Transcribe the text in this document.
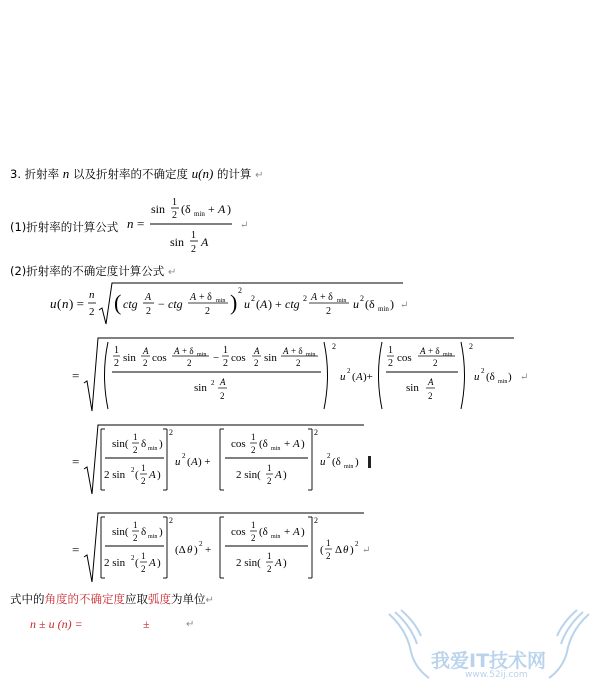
3. 折射率 n 以及折射率的不确定度 u(n) 的计算 ↵
(1)折射率的计算公式 n =
sin 1
2 (δ min + A )
sin 1
2
A
↵
(2)折射率的不确定度计算公式 ↵
u ( n ) =
n
2 ( ctg A
2
− ctg A + δ min
2 ) 2
u 2 ( A ) + ctg 2 A + δ min
2
u 2 (δ min ) ↵
=
1
2 sin
A
2 cos
A + δ min
2 −
1
2 cos
A
2 sin
A + δ min
2
sin 2 A
2
2
u 2 ( A )+
1
2 cos
A + δ min
2
sin A
2
2
u 2 (δ min ) ↵
=
sin(
1
2 δ min )
2 sin 2 (
1
2 A )
2
u 2 ( A ) +
cos
1
2 (δ min + A )
2 sin(
1
2 A )
2
u 2 (δ min )
=
sin(
1
2 δ min )
2 sin 2 (
1
2 A )
2
(Δ θ ) 2 +
cos
1
2 (δ min + A )
2 sin(
1
2 A )
2
(
1
2 Δ θ ) 2
↵
式中的角度的不确定度应取弧度为单位↵
n ± u (n) =	±	↵
我爱IT技术网
www.52ij.com
